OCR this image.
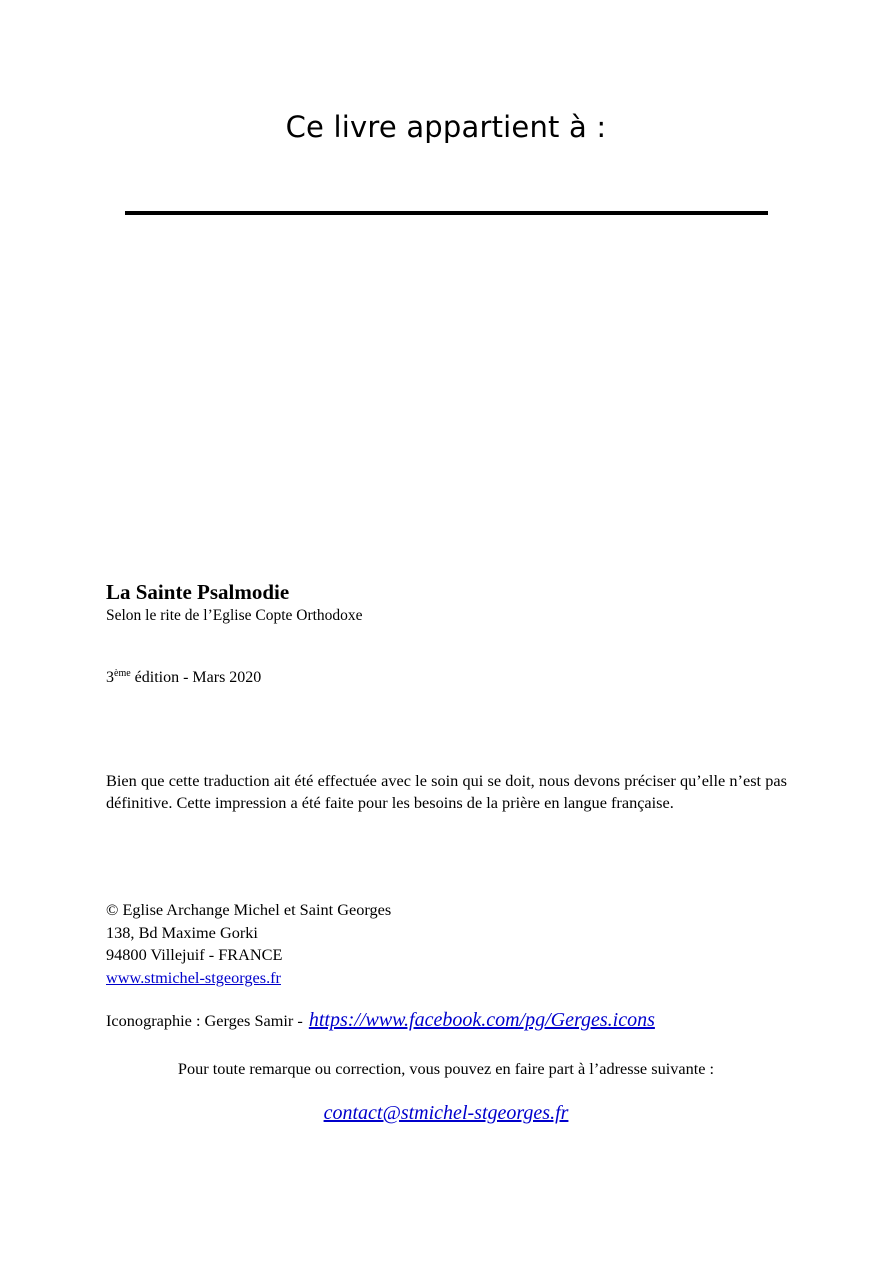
Ce livre appartient à :
La Sainte Psalmodie
Selon le rite de l’Eglise Copte Orthodoxe
3ème édition - Mars 2020
Bien que cette traduction ait été effectuée avec le soin qui se doit, nous devons préciser qu’elle n’est pas définitive. Cette impression a été faite pour les besoins de la prière en langue française.
© Eglise Archange Michel et Saint Georges
138, Bd Maxime Gorki
94800 Villejuif - FRANCE
www.stmichel-stgeorges.fr
Iconographie : Gerges Samir - https://www.facebook.com/pg/Gerges.icons
Pour toute remarque ou correction, vous pouvez en faire part à l’adresse suivante :
contact@stmichel-stgeorges.fr
